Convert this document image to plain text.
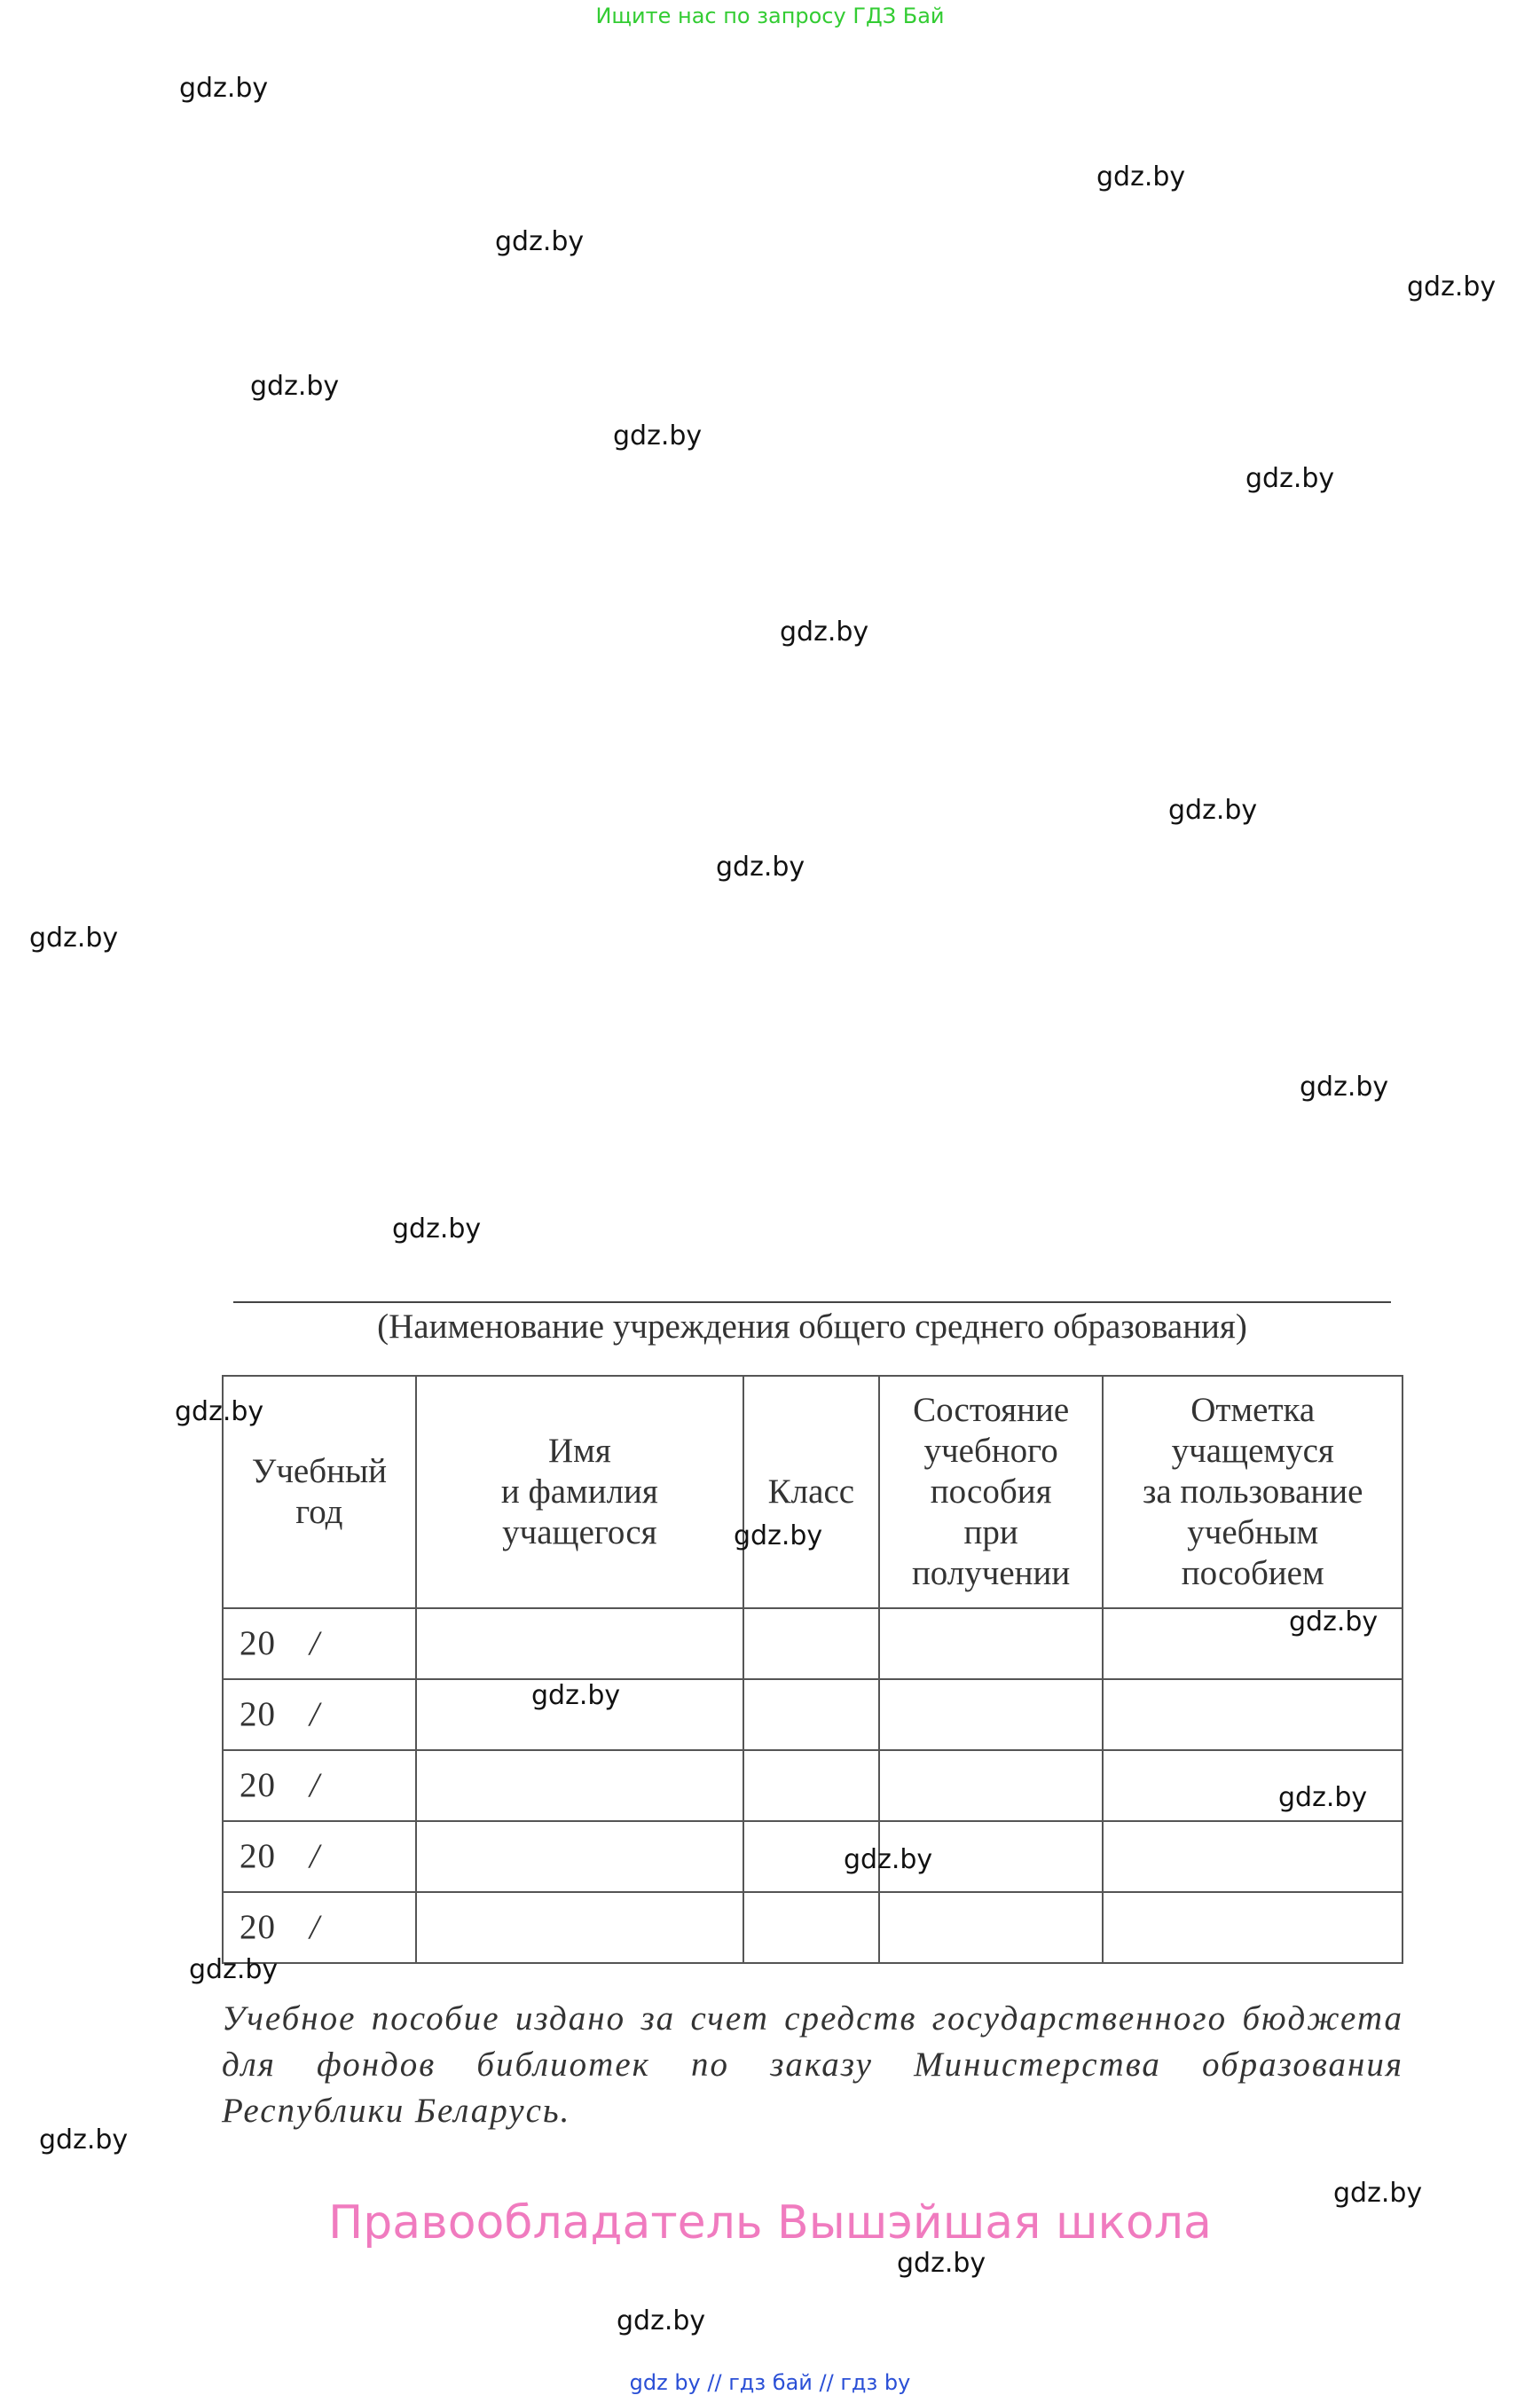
Ищите нас по запросу ГДЗ Бай
gdz.by
gdz.by
gdz.by
gdz.by
gdz.by
gdz.by
gdz.by
gdz.by
gdz.by
gdz.by
gdz.by
gdz.by
gdz.by
(Наименование учреждения общего среднего образования)
Учебный
год	Имя
и фамилия
учащегося	Класс	Состояние
учебного
пособия
при
получении	Отметка
учащемуся
за пользование
учебным
пособием

20 /				
20 /				
20 /				
20 /				
20 /				
gdz.by
gdz.by
gdz.by
gdz.by
gdz.by
gdz.by
gdz.by
Учебное пособие издано за счет средств государственного бюджета для фондов библиотек по заказу Министерства образования Республики Беларусь.
gdz.by
gdz.by
Правообладатель Вышэйшая школа
gdz.by
gdz.by
gdz by // гдз бай // гдз by
